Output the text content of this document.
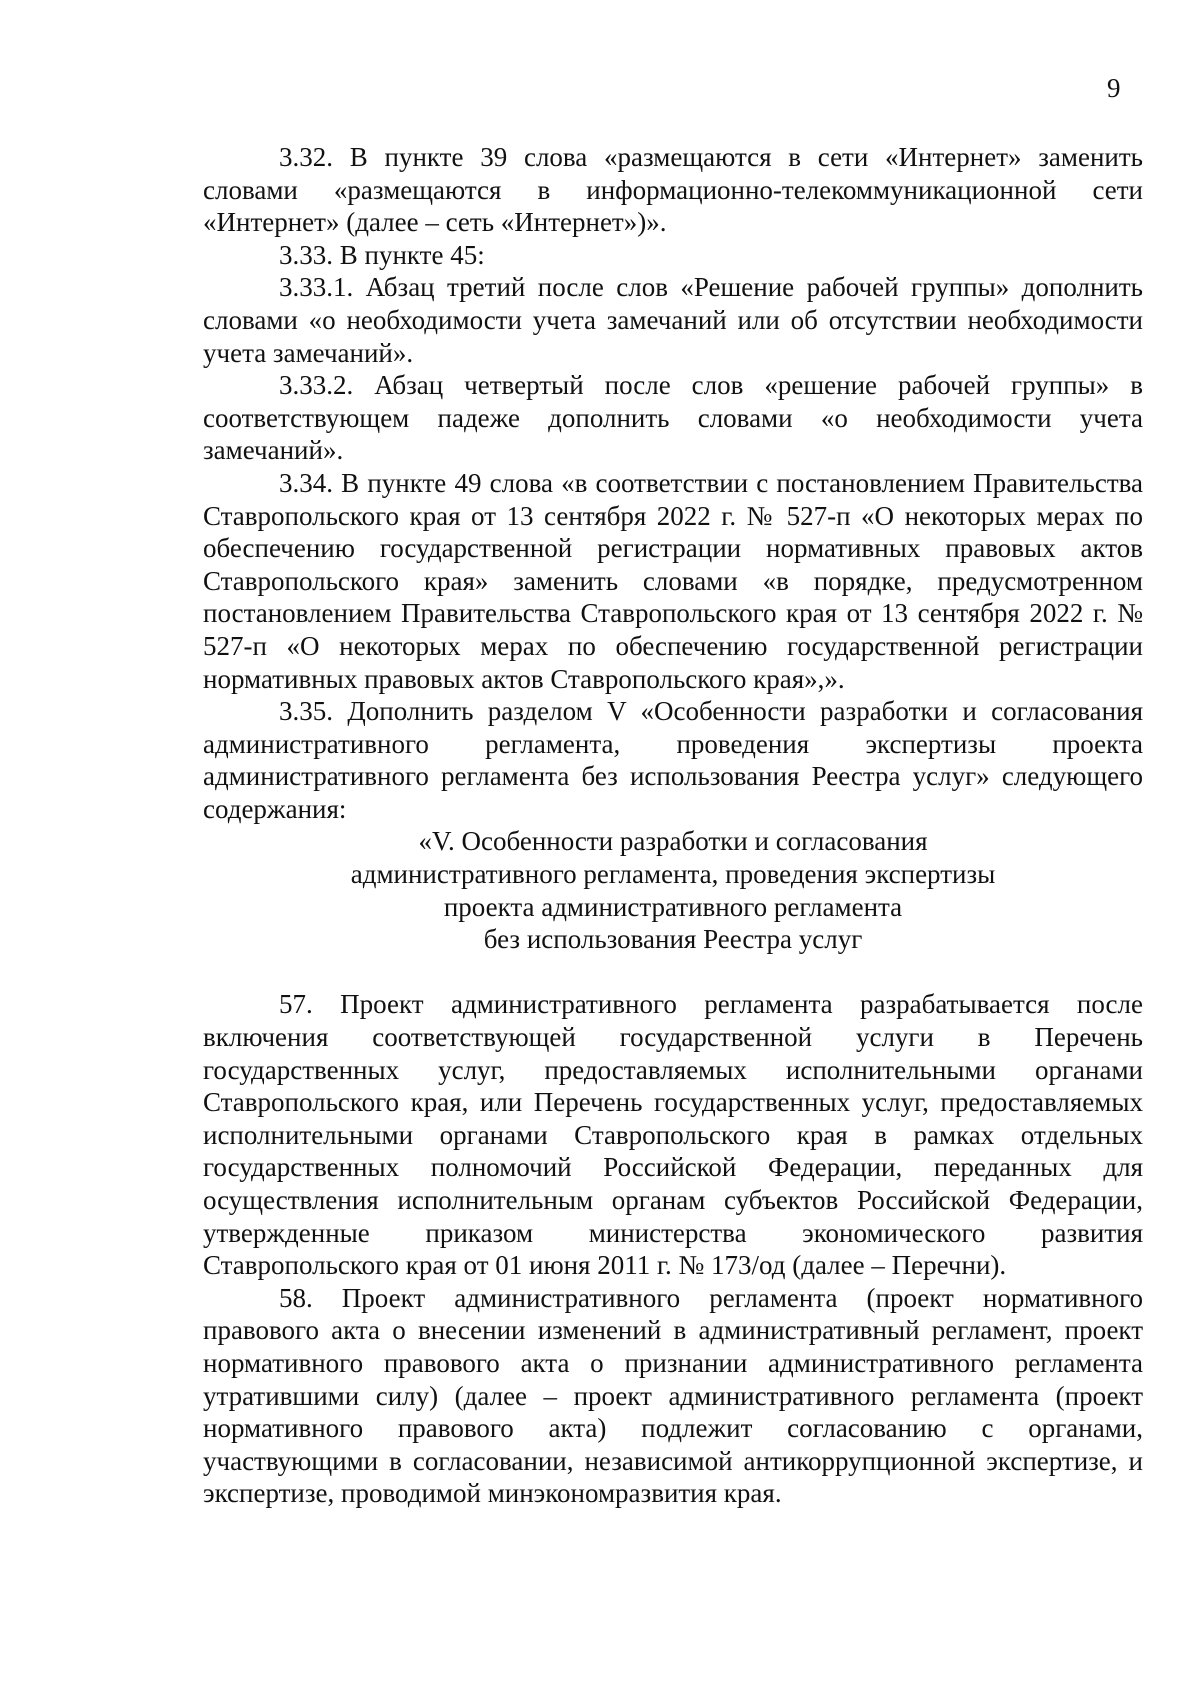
9

3.32. В пункте 39 слова «размещаются в сети «Интернет» заменить словами «размещаются в информационно-телекоммуникационной сети «Интернет» (далее – сеть «Интернет»)».

3.33. В пункте 45:

3.33.1. Абзац третий после слов «Решение рабочей группы» дополнить словами «о необходимости учета замечаний или об отсутствии необходимости учета замечаний».

3.33.2. Абзац четвертый после слов «решение рабочей группы» в соответствующем падеже дополнить словами «о необходимости учета замечаний».

3.34. В пункте 49 слова «в соответствии с постановлением Правительства Ставропольского края от 13 сентября 2022 г. № 527-п «О некоторых мерах по обеспечению государственной регистрации нормативных правовых актов Ставропольского края» заменить словами «в порядке, предусмотренном постановлением Правительства Ставропольского края от 13 сентября 2022 г. № 527-п «О некоторых мерах по обеспечению государственной регистрации нормативных правовых актов Ставропольского края»,».

3.35. Дополнить разделом V «Особенности разработки и согласования административного регламента, проведения экспертизы проекта административного регламента без использования Реестра услуг» следующего содержания:

«V. Особенности разработки и согласования
административного регламента, проведения экспертизы
проекта административного регламента
без использования Реестра услуг

57. Проект административного регламента разрабатывается после включения соответствующей государственной услуги в Перечень государственных услуг, предоставляемых исполнительными органами Ставропольского края, или Перечень государственных услуг, предоставляемых исполнительными органами Ставропольского края в рамках отдельных государственных полномочий Российской Федерации, переданных для осуществления исполнительным органам субъектов Российской Федерации, утвержденные приказом министерства экономического развития Ставропольского края от 01 июня 2011 г. № 173/од (далее – Перечни).

58. Проект административного регламента (проект нормативного правового акта о внесении изменений в административный регламент, проект нормативного правового акта о признании административного регламента утратившими силу) (далее – проект административного регламента (проект нормативного правового акта) подлежит согласованию с органами, участвующими в согласовании, независимой антикоррупционной экспертизе, и экспертизе, проводимой минэкономразвития края.
